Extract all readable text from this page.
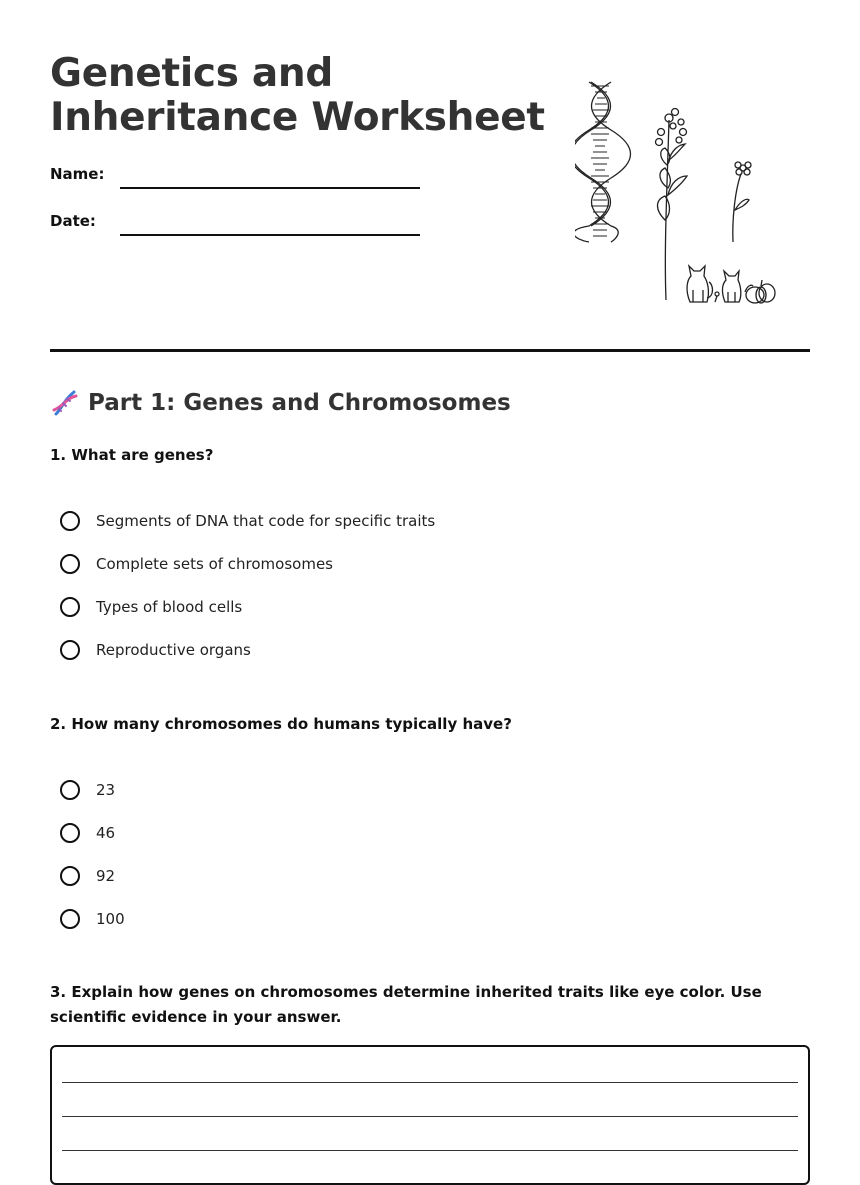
Genetics and Inheritance Worksheet
Name:
Date:
Part 1: Genes and Chromosomes

1. What are genes?

Segments of DNA that code for specific traits
Complete sets of chromosomes
Types of blood cells
Reproductive organs

2. How many chromosomes do humans typically have?

23
46
92
100

3. Explain how genes on chromosomes determine inherited traits like eye color. Use scientific evidence in your answer.
